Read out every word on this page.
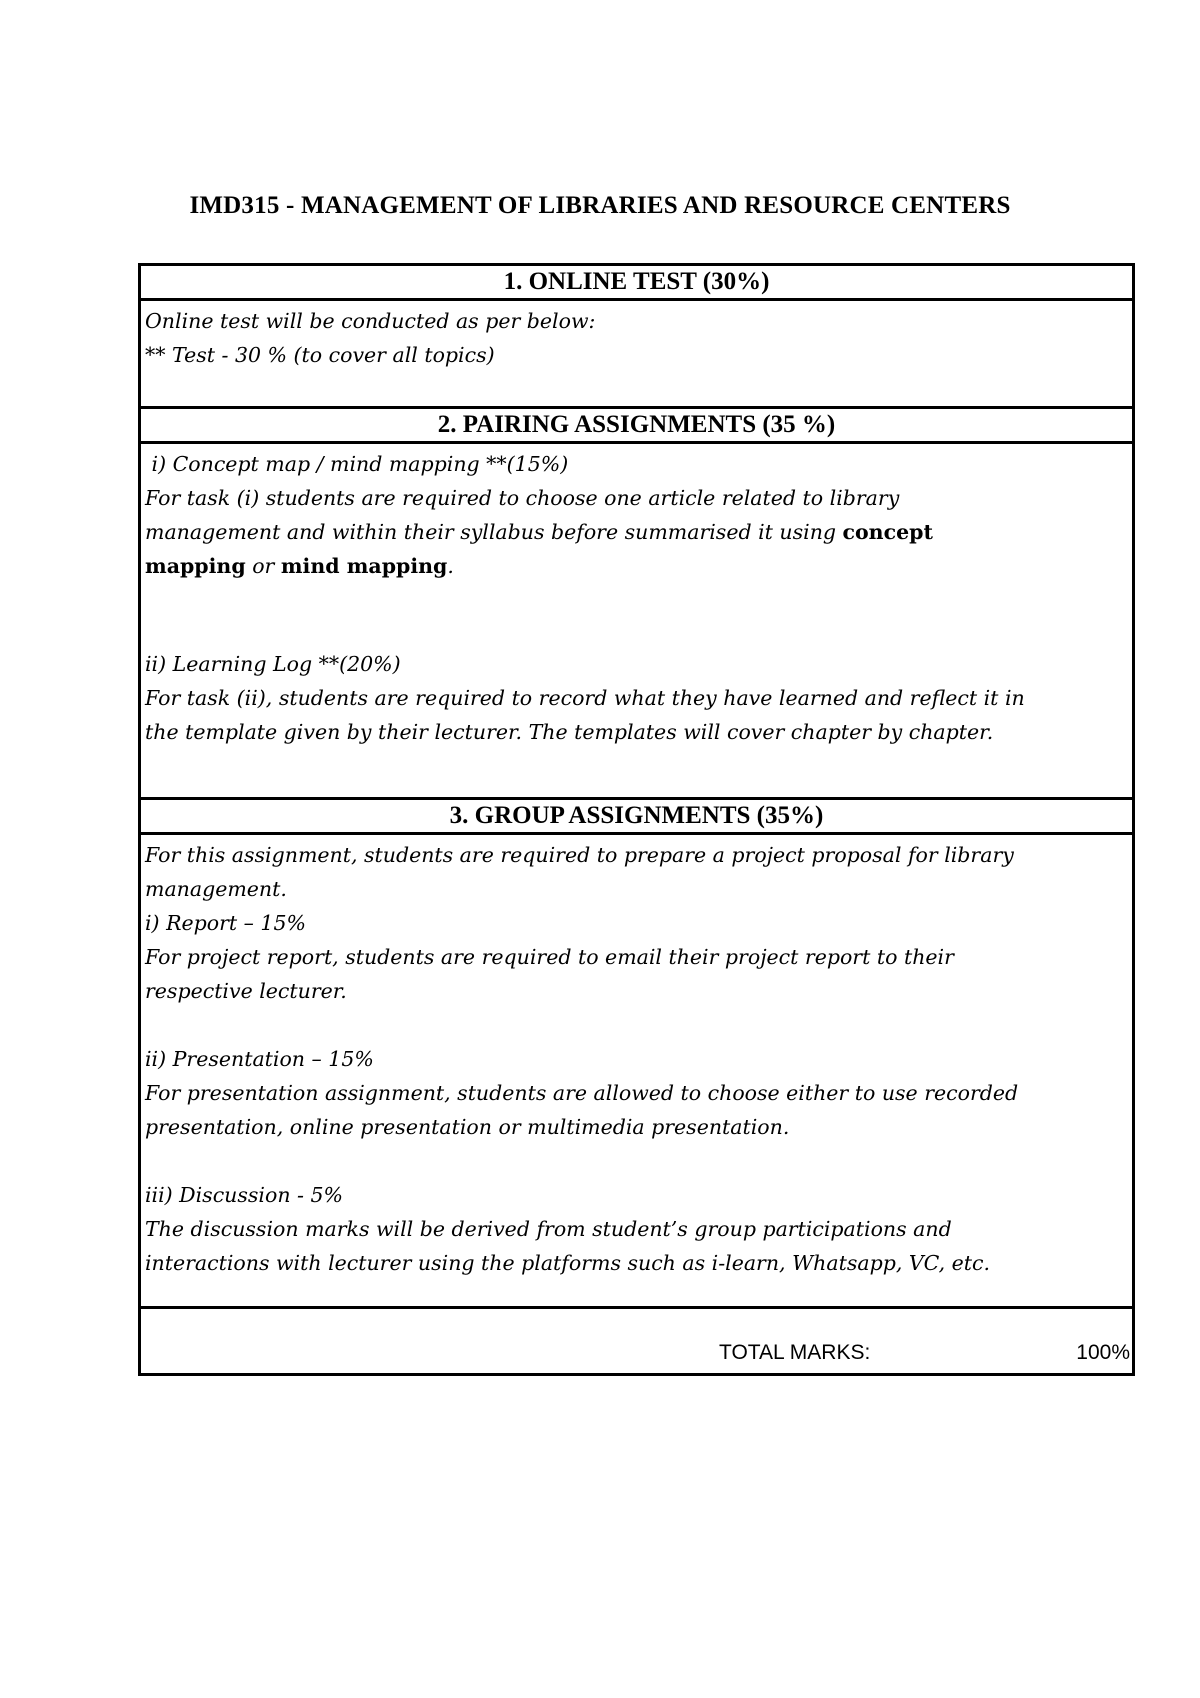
IMD315 - MANAGEMENT OF LIBRARIES AND RESOURCE CENTERS
1. ONLINE TEST (30%)
Online test will be conducted as per below:
** Test - 30 % (to cover all topics)
2. PAIRING ASSIGNMENTS (35 %)
i) Concept map / mind mapping **(15%)
For task (i) students are required to choose one article related to library
management and within their syllabus before summarised it using concept
mapping or mind mapping.
ii) Learning Log **(20%)
For task (ii), students are required to record what they have learned and reflect it in
the template given by their lecturer. The templates will cover chapter by chapter.
3. GROUP ASSIGNMENTS (35%)
For this assignment, students are required to prepare a project proposal for library
management.
i) Report – 15%
For project report, students are required to email their project report to their
respective lecturer.
ii) Presentation – 15%
For presentation assignment, students are allowed to choose either to use recorded
presentation, online presentation or multimedia presentation.
iii) Discussion - 5%
The discussion marks will be derived from student’s group participations and
interactions with lecturer using the platforms such as i-learn, Whatsapp, VC, etc.
TOTAL MARKS:	100%
